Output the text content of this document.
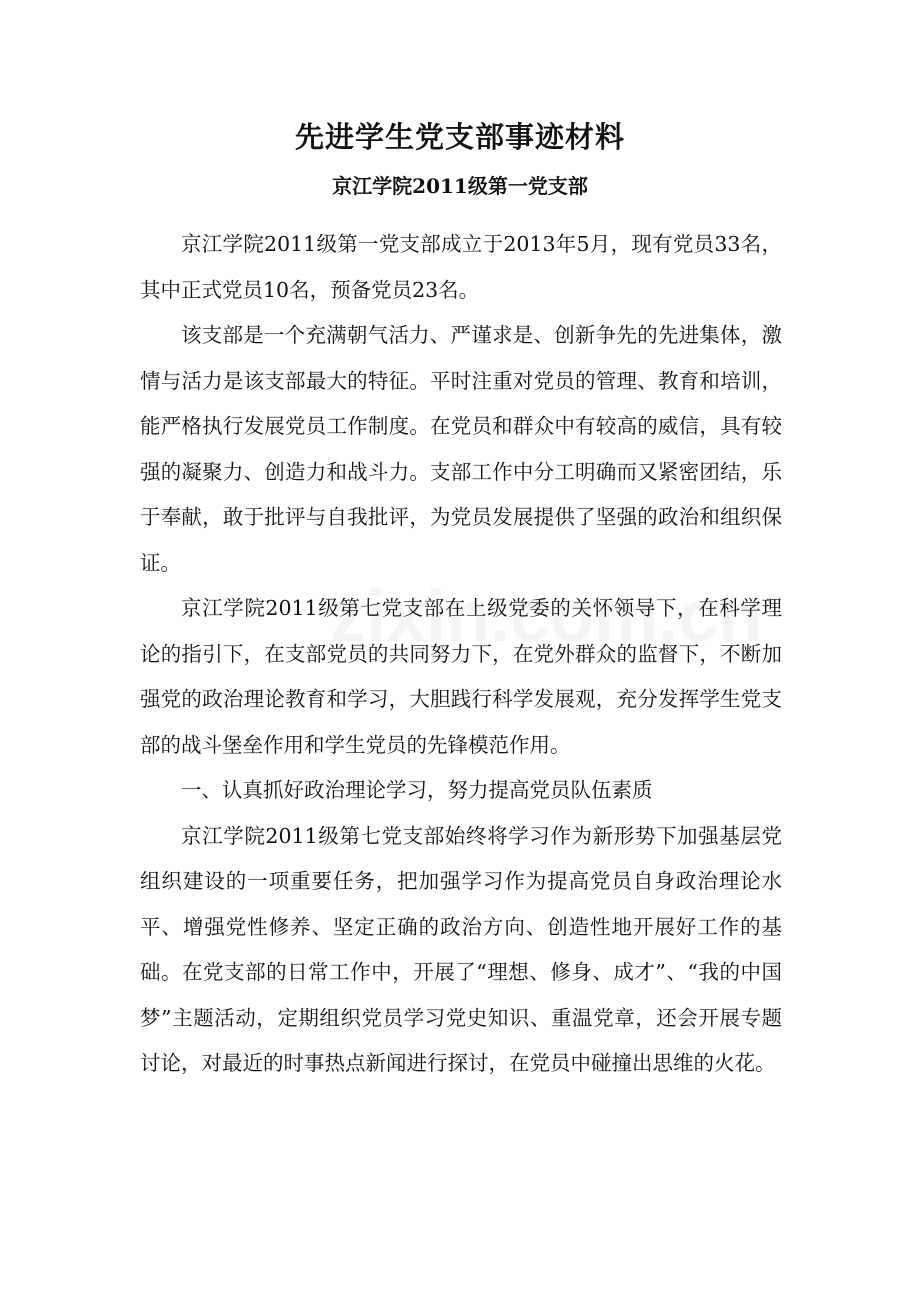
先进学生党支部事迹材料
京江学院2011级第一党支部

京江学院2011级第一党支部成立于2013年5月，现有党员33名，其中正式党员10名，预备党员23名。

该支部是一个充满朝气活力、严谨求是、创新争先的先进集体，激情与活力是该支部最大的特征。平时注重对党员的管理、教育和培训，能严格执行发展党员工作制度。在党员和群众中有较高的威信，具有较强的凝聚力、创造力和战斗力。支部工作中分工明确而又紧密团结，乐于奉献，敢于批评与自我批评，为党员发展提供了坚强的政治和组织保证。

京江学院2011级第七党支部在上级党委的关怀领导下，在科学理论的指引下，在支部党员的共同努力下，在党外群众的监督下，不断加强党的政治理论教育和学习，大胆践行科学发展观，充分发挥学生党支部的战斗堡垒作用和学生党员的先锋模范作用。

一、认真抓好政治理论学习，努力提高党员队伍素质

京江学院2011级第七党支部始终将学习作为新形势下加强基层党组织建设的一项重要任务，把加强学习作为提高党员自身政治理论水平、增强党性修养、坚定正确的政治方向、创造性地开展好工作的基础。在党支部的日常工作中，开展了“理想、修身、成才”、“我的中国梦”主题活动，定期组织党员学习党史知识、重温党章，还会开展专题讨论，对最近的时事热点新闻进行探讨，在党员中碰撞出思维的火花。
